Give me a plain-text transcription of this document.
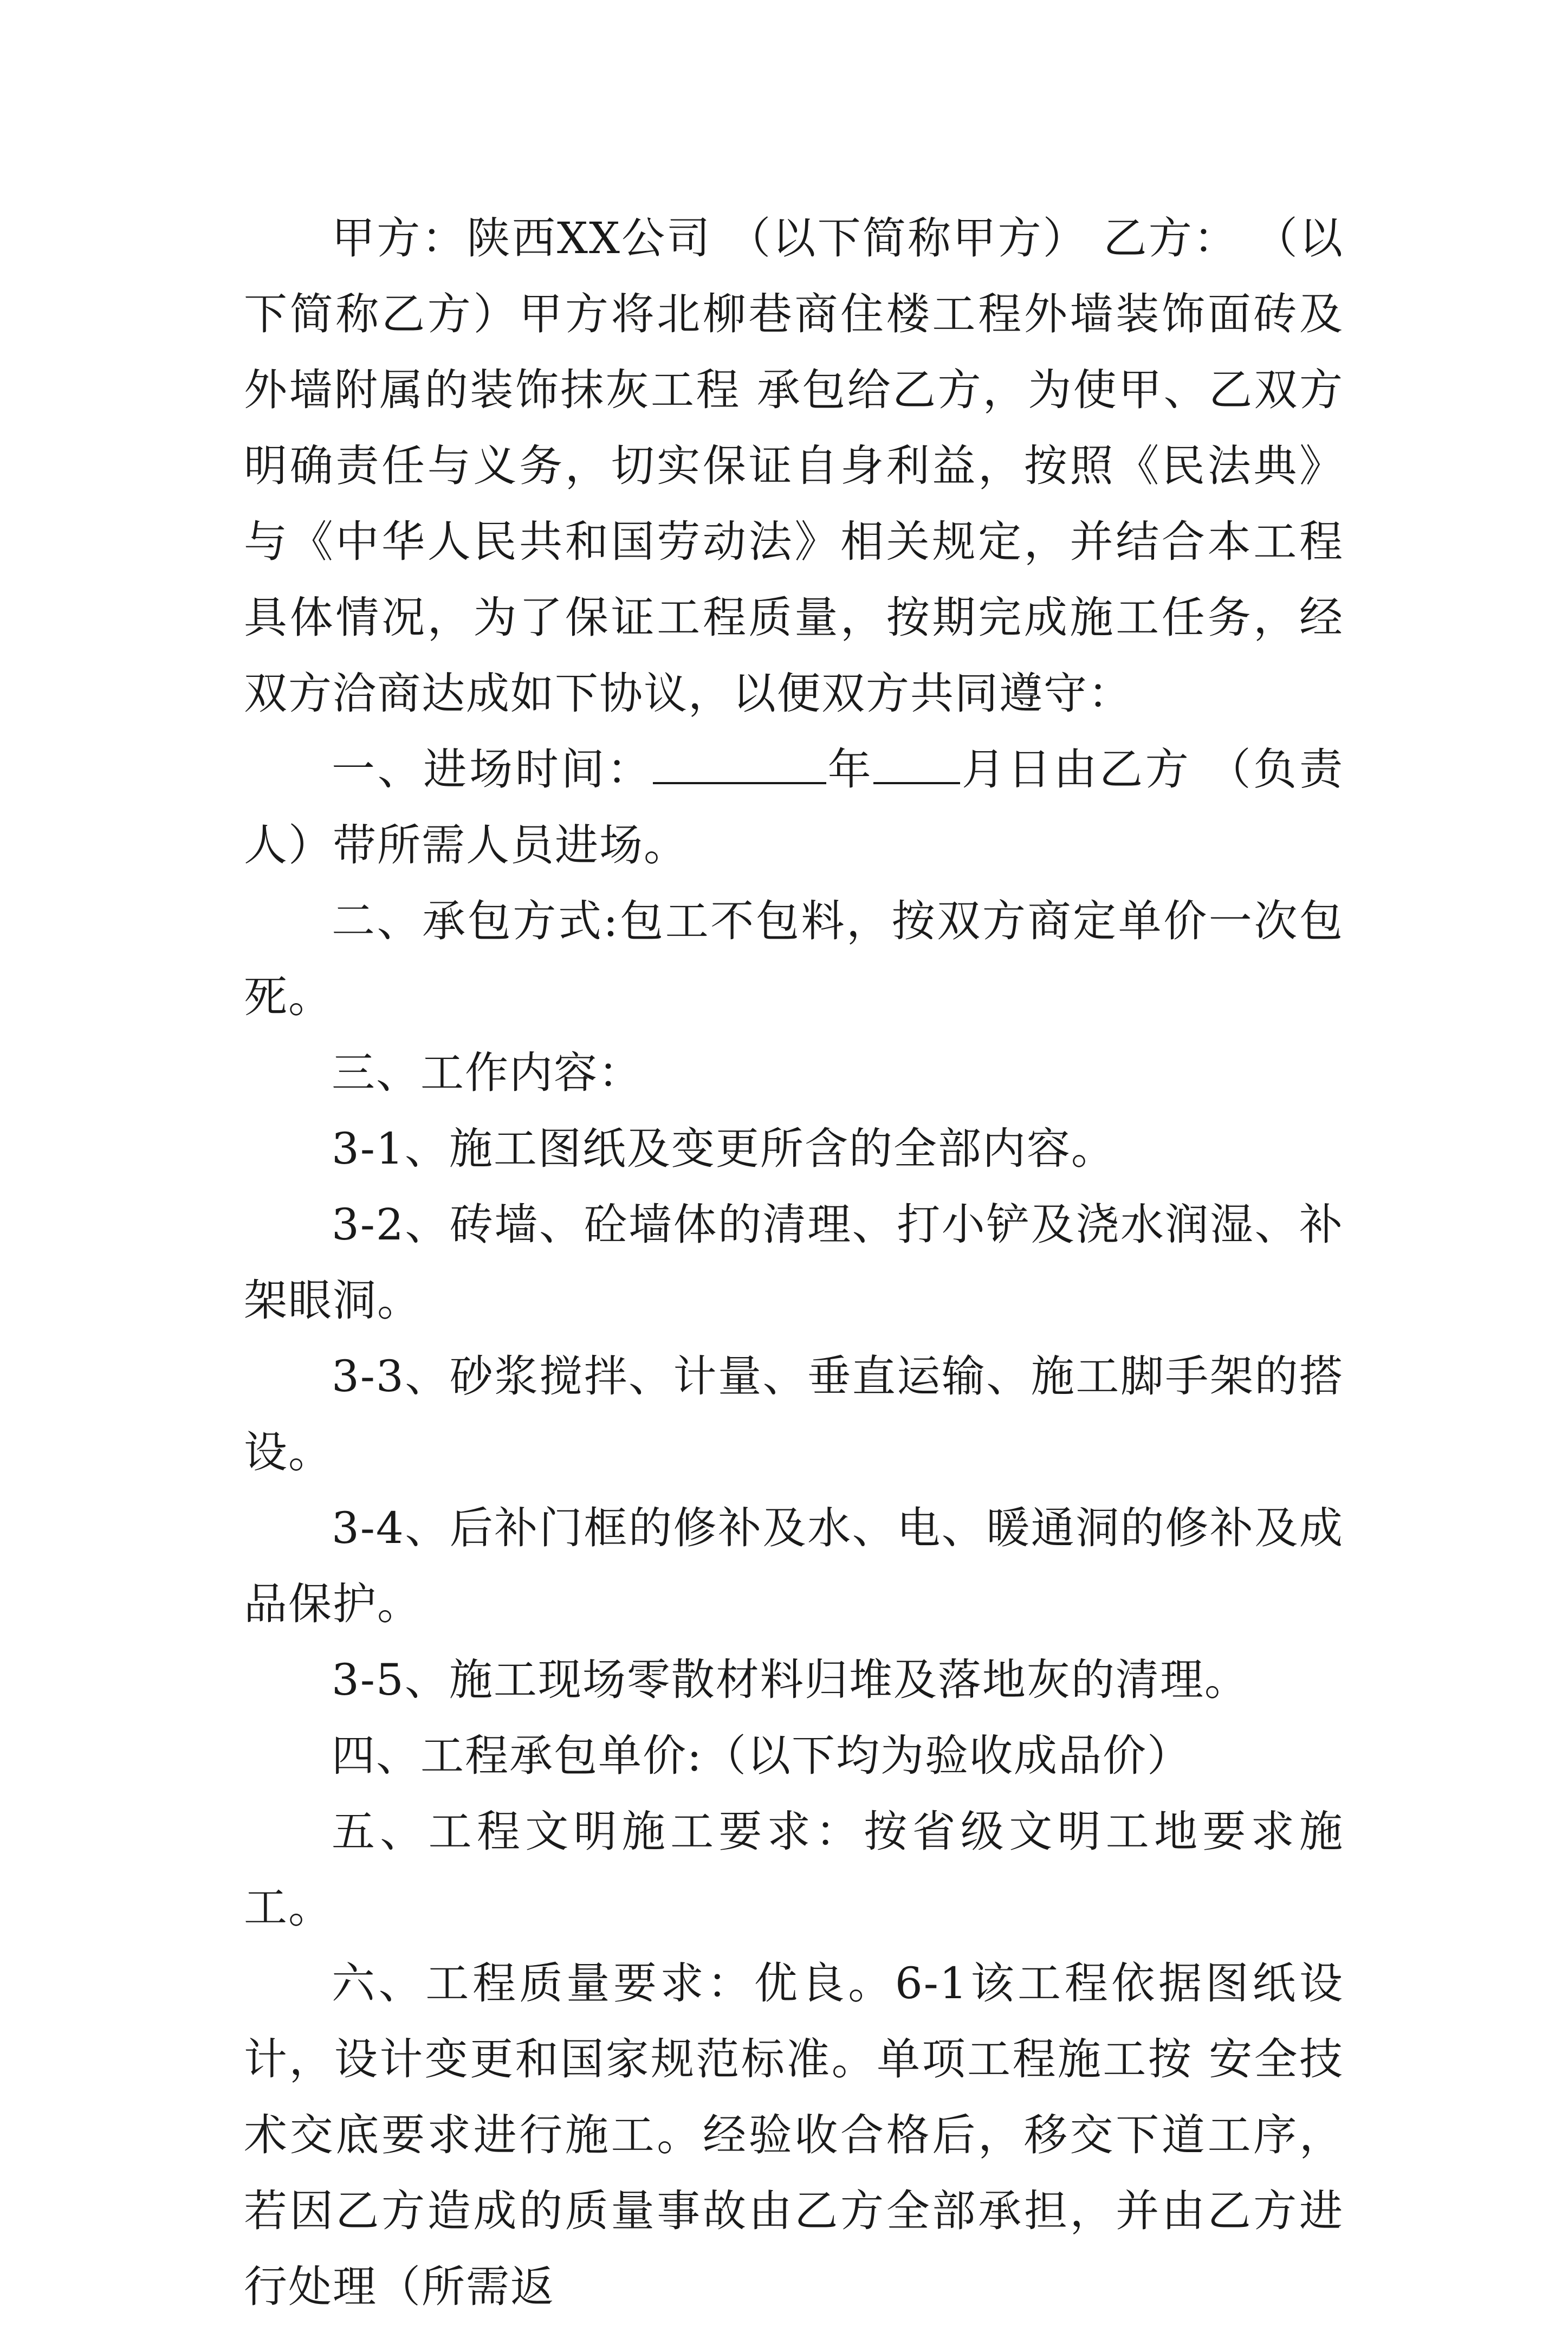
甲方：陕西XX公司 （以下简称甲方） 乙方： （以下简称乙方）甲方将北柳巷商住楼工程外墙装饰面砖及外墙附属的装饰抹灰工程 承包给乙方，为使甲、乙双方明确责任与义务，切实保证自身利益，按照《民法典》与《中华人民共和国劳动法》相关规定，并结合本工程具体情况，为了保证工程质量，按期完成施工任务，经双方洽商达成如下协议，以便双方共同遵守：

一、进场时间：	年 月日由乙方 （负责人）带所需人员进场。

二、承包方式:包工不包料，按双方商定单价一次包死。

三、工作内容：

3-1、施工图纸及变更所含的全部内容。

3-2、砖墙、砼墙体的清理、打小铲及浇水润湿、补架眼洞。

3-3、砂浆搅拌、计量、垂直运输、施工脚手架的搭设。

3-4、后补门框的修补及水、电、暖通洞的修补及成品保护。

3-5、施工现场零散材料归堆及落地灰的清理。

四、工程承包单价:（以下均为验收成品价）

五、工程文明施工要求：按省级文明工地要求施工。

六、工程质量要求：优良。6-1该工程依据图纸设计，设计变更和国家规范标准。单项工程施工按 安全技术交底要求进行施工。经验收合格后，移交下道工序，若因乙方造成的质量事故由乙方全部承担，并由乙方进行处理（所需返
